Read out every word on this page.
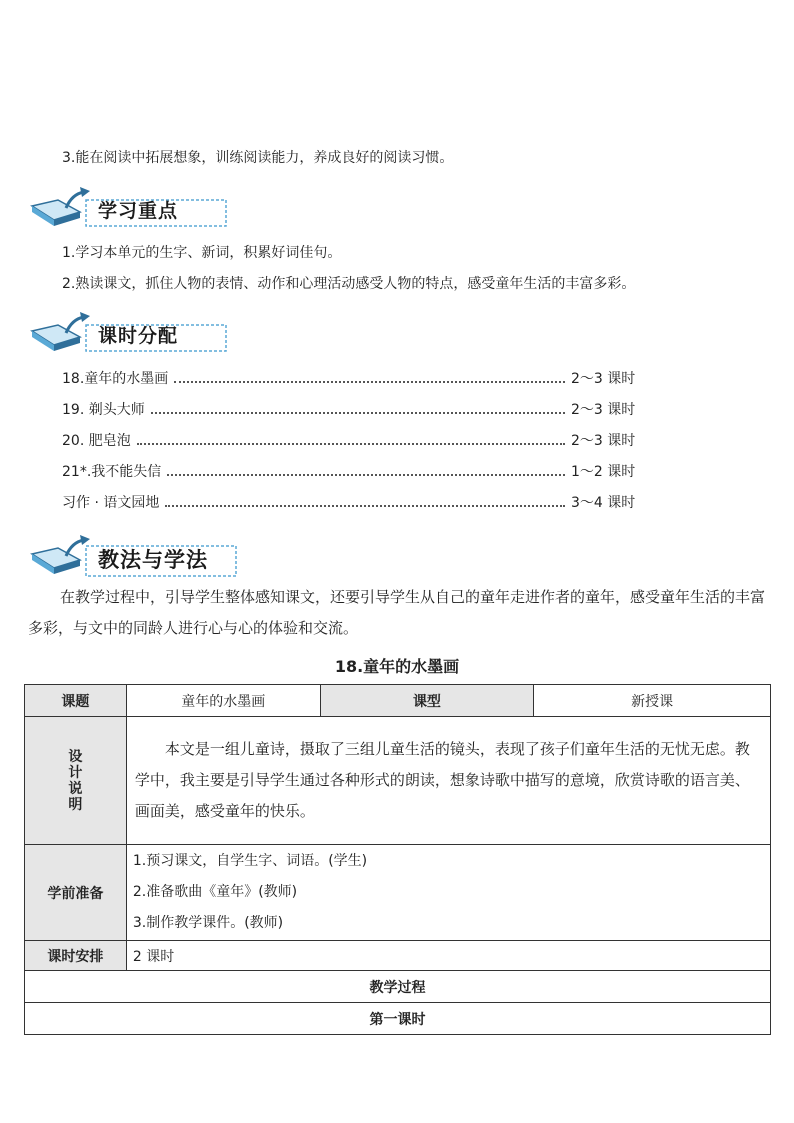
3.能在阅读中拓展想象，训练阅读能力，养成良好的阅读习惯。
学习重点
1.学习本单元的生字、新词，积累好词佳句。
2.熟读课文，抓住人物的表情、动作和心理活动感受人物的特点，感受童年生活的丰富多彩。
课时分配
18.童年的水墨画	2～3 课时
19. 剃头大师	2～3 课时
20. 肥皂泡	2～3 课时
21*.我不能失信	1～2 课时
习作 · 语文园地	3～4 课时
教法与学法
在教学过程中，引导学生整体感知课文，还要引导学生从自己的童年走进作者的童年，感受童年生活的丰富多彩，与文中的同龄人进行心与心的体验和交流。
18.童年的水墨画
课题	童年的水墨画	课型	新授课

设
计
说
明	本文是一组儿童诗，摄取了三组儿童生活的镜头，表现了孩子们童年生活的无忧无虑。教学中，我主要是引导学生通过各种形式的朗读，想象诗歌中描写的意境，欣赏诗歌的语言美、画面美，感受童年的快乐。		
学前准备	1.预习课文，自学生字、词语。(学生)

2.准备歌曲《童年》(教师)

3.制作教学课件。(教师)		

课时安排	2 课时		
教学过程			
第一课时			
